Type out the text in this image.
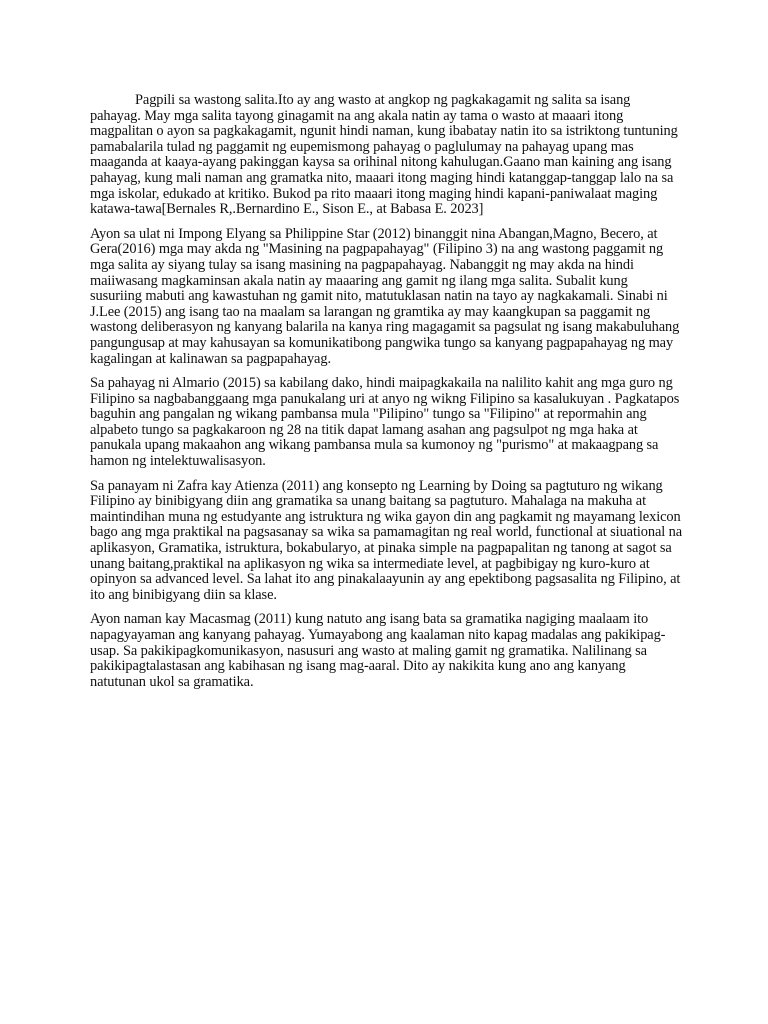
Pagpili sa wastong salita.Ito ay ang wasto at angkop ng pagkakagamit ng salita sa isang pahayag. May mga salita tayong ginagamit na ang akala natin ay tama o wasto at maaari itong magpalitan o ayon sa pagkakagamit, ngunit hindi naman, kung ibabatay natin ito sa istriktong tuntuning pamabalarila tulad ng paggamit ng eupemismong pahayag o paglulumay na pahayag upang mas maaganda at kaaya-ayang pakinggan kaysa sa orihinal nitong kahulugan.Gaano man kaining ang isang pahayag, kung mali naman ang gramatka nito, maaari itong maging hindi katanggap-tanggap lalo na sa mga iskolar, edukado at kritiko. Bukod pa rito maaari itong maging hindi kapani-paniwalaat maging katawa-tawa[Bernales R,.Bernardino E., Sison E., at Babasa E. 2023]

Ayon sa ulat ni Impong Elyang sa Philippine Star (2012) binanggit nina Abangan,Magno, Becero, at Gera(2016) mga may akda ng "Masining na pagpapahayag" (Filipino 3) na ang wastong paggamit ng mga salita ay siyang tulay sa isang masining na pagpapahayag. Nabanggit ng may akda na hindi maiiwasang magkaminsan akala natin ay maaaring ang gamit ng ilang mga salita. Subalit kung susuriing mabuti ang kawastuhan ng gamit nito, matutuklasan natin na tayo ay nagkakamali. Sinabi ni J.Lee (2015) ang isang tao na maalam sa larangan ng gramtika ay may kaangkupan sa paggamit ng wastong deliberasyon ng kanyang balarila na kanya ring magagamit sa pagsulat ng isang makabuluhang pangungusap at may kahusayan sa komunikatibong pangwika tungo sa kanyang pagpapahayag ng may kagalingan at kalinawan sa pagpapahayag.

Sa pahayag ni Almario (2015) sa kabilang dako, hindi maipagkakaila na nalilito kahit ang mga guro ng Filipino sa nagbabanggaang mga panukalang uri at anyo ng wikng Filipino sa kasalukuyan . Pagkatapos baguhin ang pangalan ng wikang pambansa mula "Pilipino" tungo sa "Filipino" at repormahin ang alpabeto tungo sa pagkakaroon ng 28 na titik dapat lamang asahan ang pagsulpot ng mga haka at panukala upang makaahon ang wikang pambansa mula sa kumonoy ng "purismo" at makaagpang sa hamon ng intelektuwalisasyon.

Sa panayam ni Zafra kay Atienza (2011) ang konsepto ng Learning by Doing sa pagtuturo ng wikang Filipino ay binibigyang diin ang gramatika sa unang baitang sa pagtuturo. Mahalaga na makuha at maintindihan muna ng estudyante ang istruktura ng wika gayon din ang pagkamit ng mayamang lexicon bago ang mga praktikal na pagsasanay sa wika sa pamamagitan ng real world, functional at siuational na aplikasyon, Gramatika, istruktura, bokabularyo, at pinaka simple na pagpapalitan ng tanong at sagot sa unang baitang,praktikal na aplikasyon ng wika sa intermediate level, at pagbibigay ng kuro-kuro at opinyon sa advanced level. Sa lahat ito ang pinakalaayunin ay ang epektibong pagsasalita ng Filipino, at ito ang binibigyang diin sa klase.

Ayon naman kay Macasmag (2011) kung natuto ang isang bata sa gramatika nagiging maalaam ito napagyayaman ang kanyang pahayag. Yumayabong ang kaalaman nito kapag madalas ang pakikipag-usap. Sa pakikipagkomunikasyon, nasusuri ang wasto at maling gamit ng gramatika. Nalilinang sa pakikipagtalastasan ang kabihasan ng isang mag-aaral. Dito ay nakikita kung ano ang kanyang natutunan ukol sa gramatika.
